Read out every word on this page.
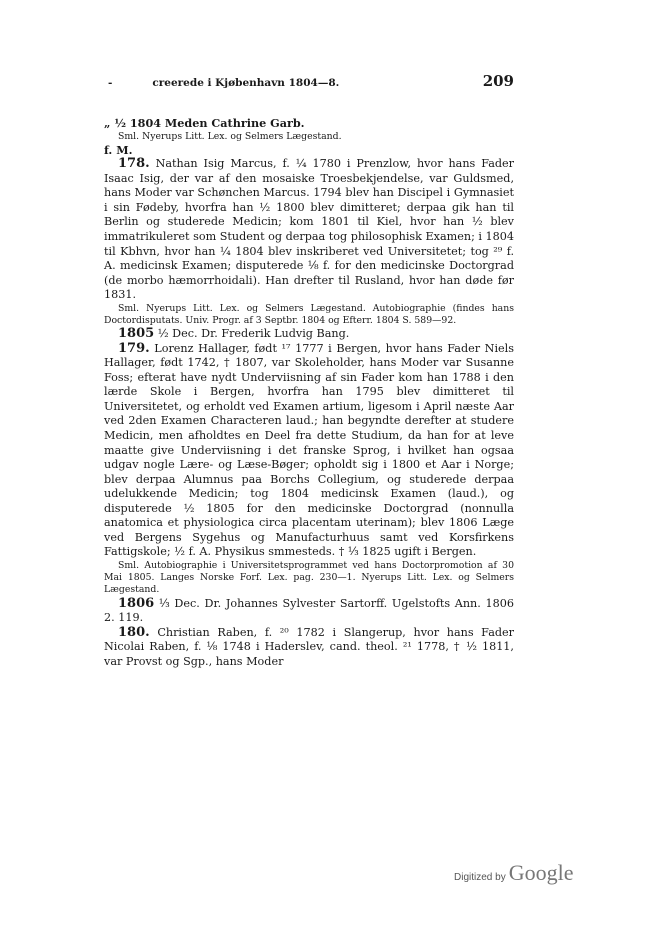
-	creerede i Kjøbenhavn 1804—8.	209

„ ½ 1804 Meden Cathrine Garb.

Sml. Nyerups Litt. Lex. og Selmers Lægestand.

f. M.

178. Nathan Isig Marcus, f. ¼ 1780 i Prenzlow, hvor hans Fader Isaac Isig, der var af den mosaiske Troesbekjendelse, var Guldsmed, hans Moder var Schønchen Marcus. 1794 blev han Discipel i Gymnasiet i sin Fødeby, hvorfra han ½ 1800 blev dimitteret; derpaa gik han til Berlin og studerede Medicin; kom 1801 til Kiel, hvor han ½ blev immatrikuleret som Student og derpaa tog philosophisk Examen; i 1804 til Kbhvn, hvor han ¼ 1804 blev inskriberet ved Universitetet; tog ²⁹ f. A. medicinsk Examen; disputerede ⅛ f. for den medicinske Doctorgrad (de morbo hæmorrhoidali). Han drefter til Rusland, hvor han døde før 1831.

Sml. Nyerups Litt. Lex. og Selmers Lægestand. Autobiographie (findes hans Doctordisputats. Univ. Progr. af 3 Septbr. 1804 og Efterr. 1804 S. 589—92.

1805 ½ Dec. Dr. Frederik Ludvig Bang.

179. Lorenz Hallager, født ¹⁷ 1777 i Bergen, hvor hans Fader Niels Hallager, født 1742, † 1807, var Skoleholder, hans Moder var Susanne Foss; efterat have nydt Underviisning af sin Fader kom han 1788 i den lærde Skole i Bergen, hvorfra han 1795 blev dimitteret til Universitetet, og erholdt ved Examen artium, ligesom i April næste Aar ved 2den Examen Characteren laud.; han begyndte derefter at studere Medicin, men afholdtes en Deel fra dette Studium, da han for at leve maatte give Underviisning i det franske Sprog, i hvilket han ogsaa udgav nogle Lære- og Læse-Bøger; opholdt sig i 1800 et Aar i Norge; blev derpaa Alumnus paa Borchs Collegium, og studerede derpaa udelukkende Medicin; tog 1804 medicinsk Examen (laud.), og disputerede ½ 1805 for den medicinske Doctorgrad (nonnulla anatomica et physiologica circa placentam uterinam); blev 1806 Læge ved Bergens Sygehus og Manufacturhuus samt ved Korsfirkens Fattigskole; ½ f. A. Physikus smmesteds. † ⅓ 1825 ugift i Bergen.

Sml. Autobiographie i Universitetsprogrammet ved hans Doctorpromotion af 30 Mai 1805. Langes Norske Forf. Lex. pag. 230—1. Nyerups Litt. Lex. og Selmers Lægestand.

1806 ⅓ Dec. Dr. Johannes Sylvester Sartorff. Ugelstofts Ann. 1806 2. 119.

180. Christian Raben, f. ²⁰ 1782 i Slangerup, hvor hans Fader Nicolai Raben, f. ⅛ 1748 i Haderslev, cand. theol. ²¹ 1778, † ½ 1811, var Provst og Sgp., hans Moder

Digitized by Google
